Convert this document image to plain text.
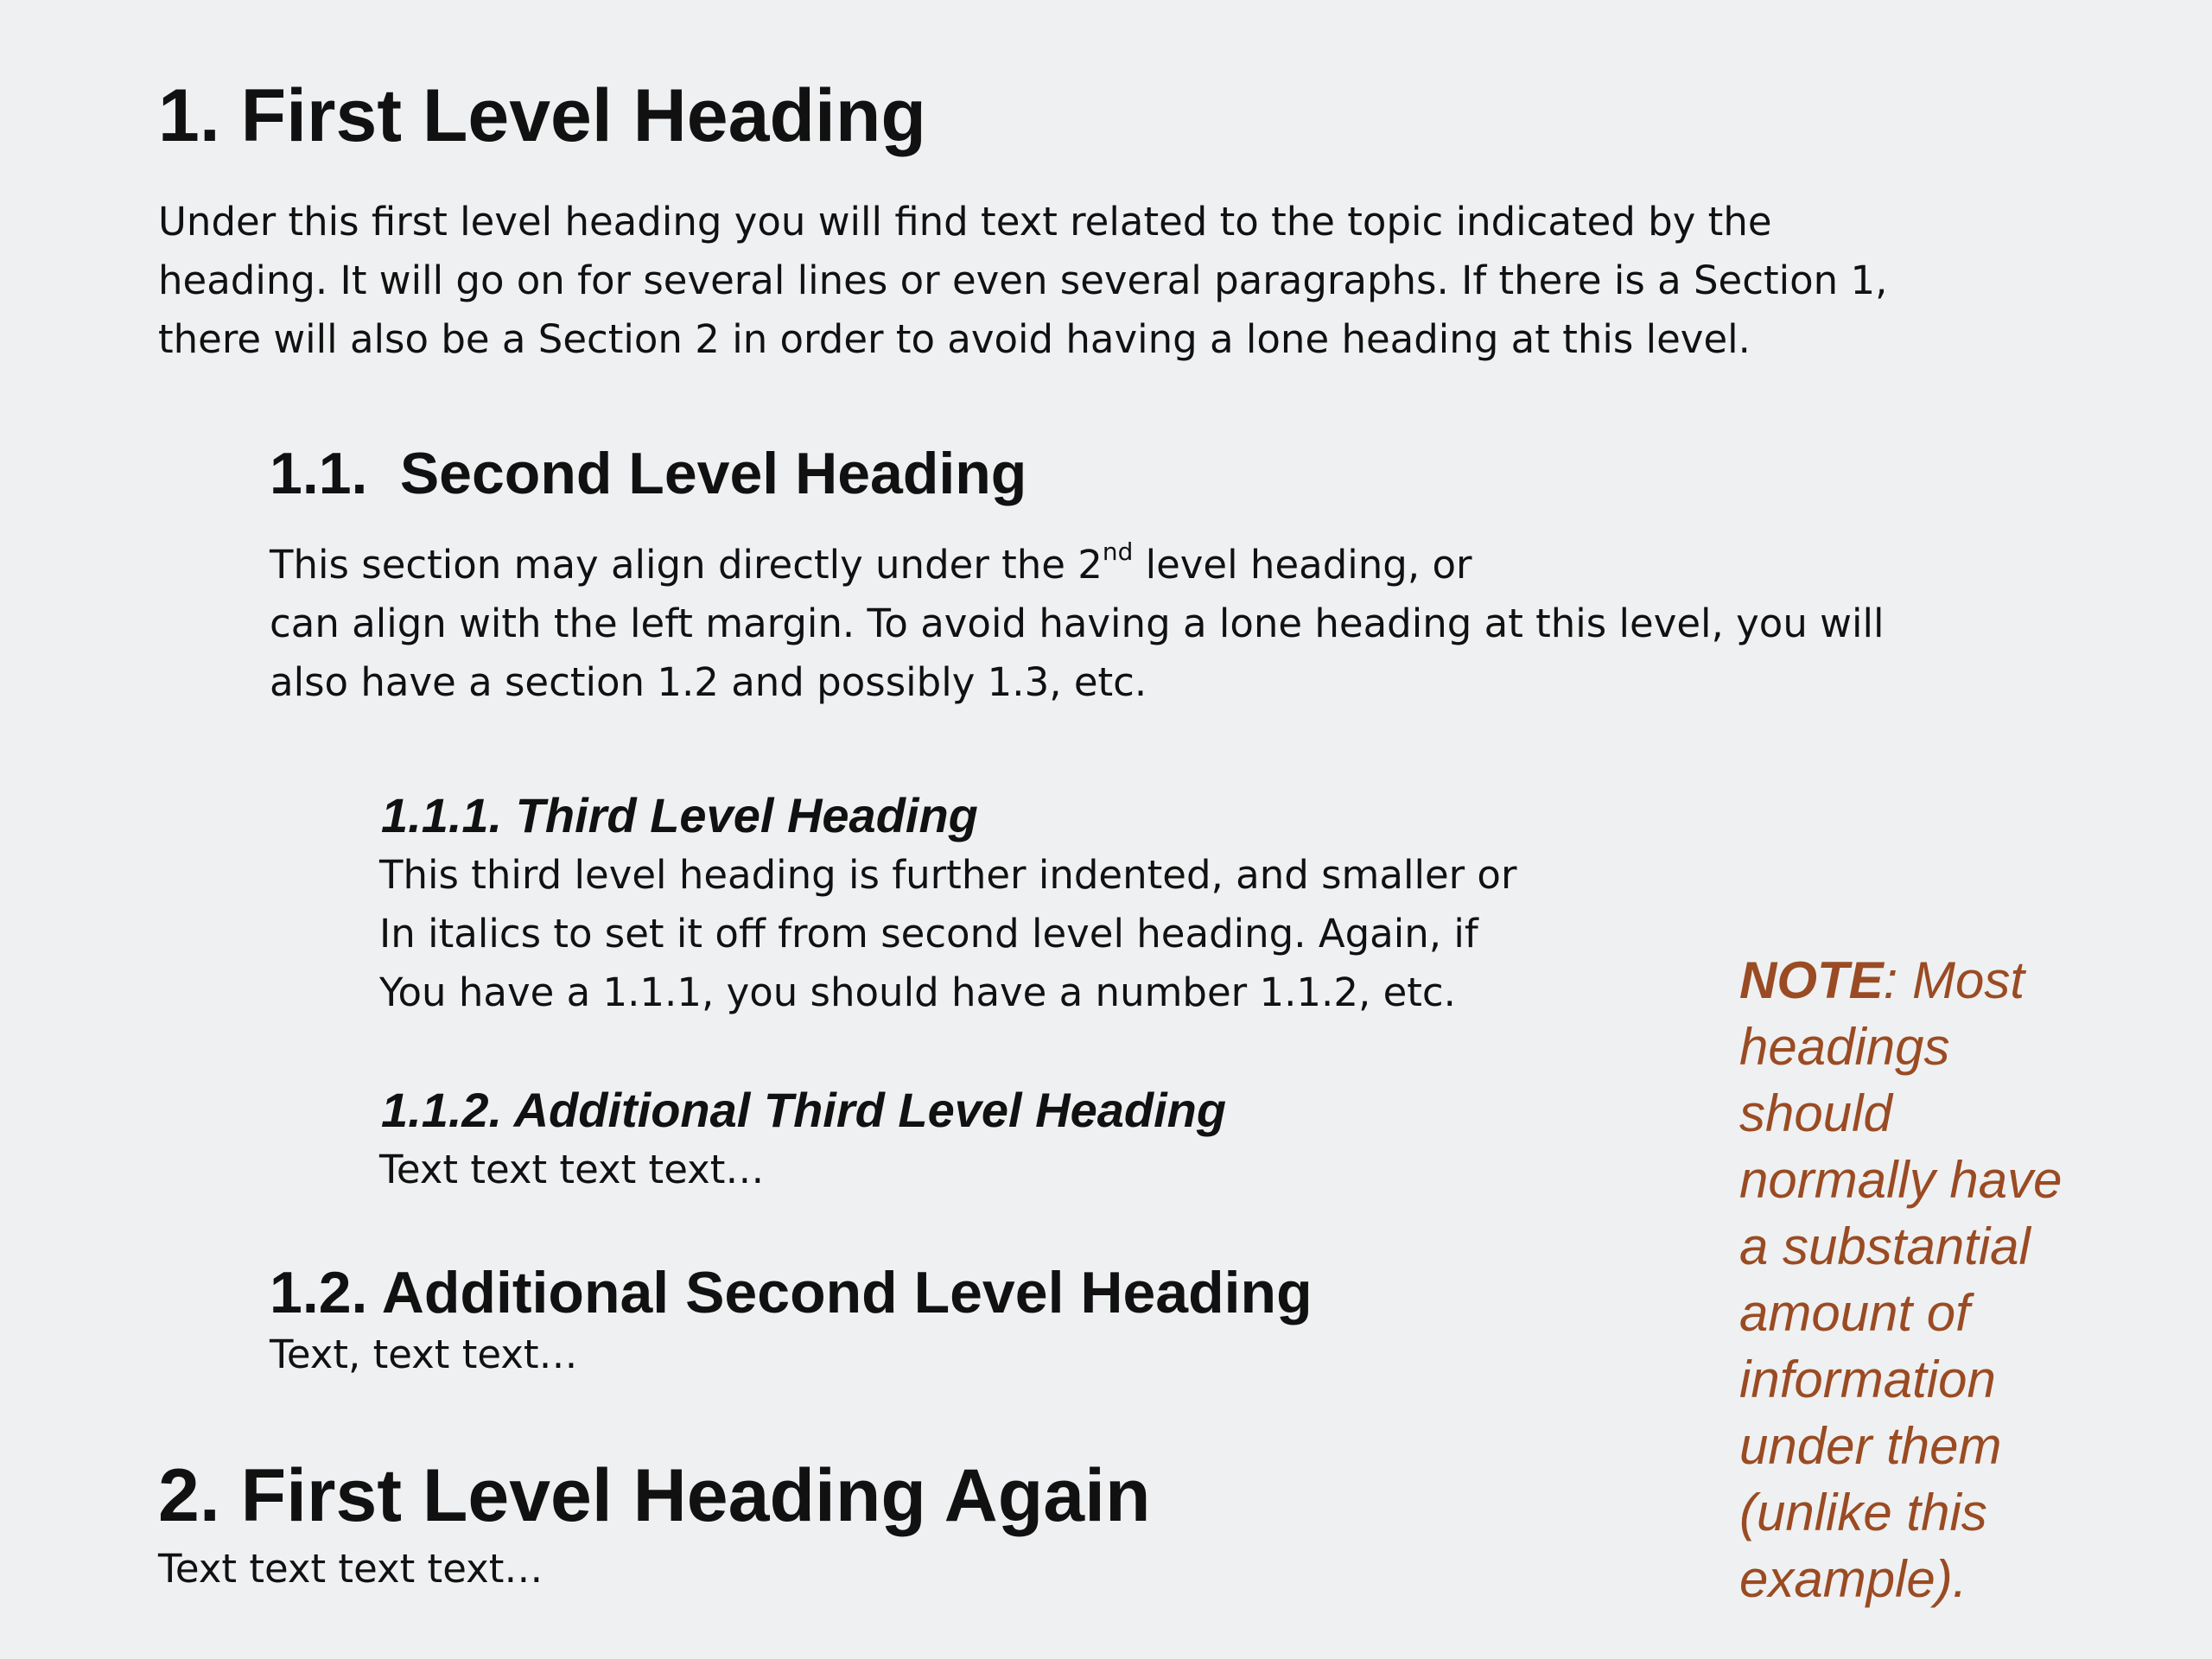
1. First Level Heading
Under this first level heading you will find text related to the topic indicated by the
heading. It will go on for several lines or even several paragraphs. If there is a Section 1,
there will also be a Section 2 in order to avoid having a lone heading at this level.
1.1. Second Level Heading
This section may align directly under the 2nd level heading, or
can align with the left margin. To avoid having a lone heading at this level, you will
also have a section 1.2 and possibly 1.3, etc.
1.1.1. Third Level Heading
This third level heading is further indented, and smaller or
In italics to set it off from second level heading. Again, if
You have a 1.1.1, you should have a number 1.1.2, etc.
1.1.2. Additional Third Level Heading
Text text text text…
1.2. Additional Second Level Heading
Text, text text…
2. First Level Heading Again
Text text text text…
NOTE: Most
headings
should
normally have
a substantial
amount of
information
under them
(unlike this
example).
